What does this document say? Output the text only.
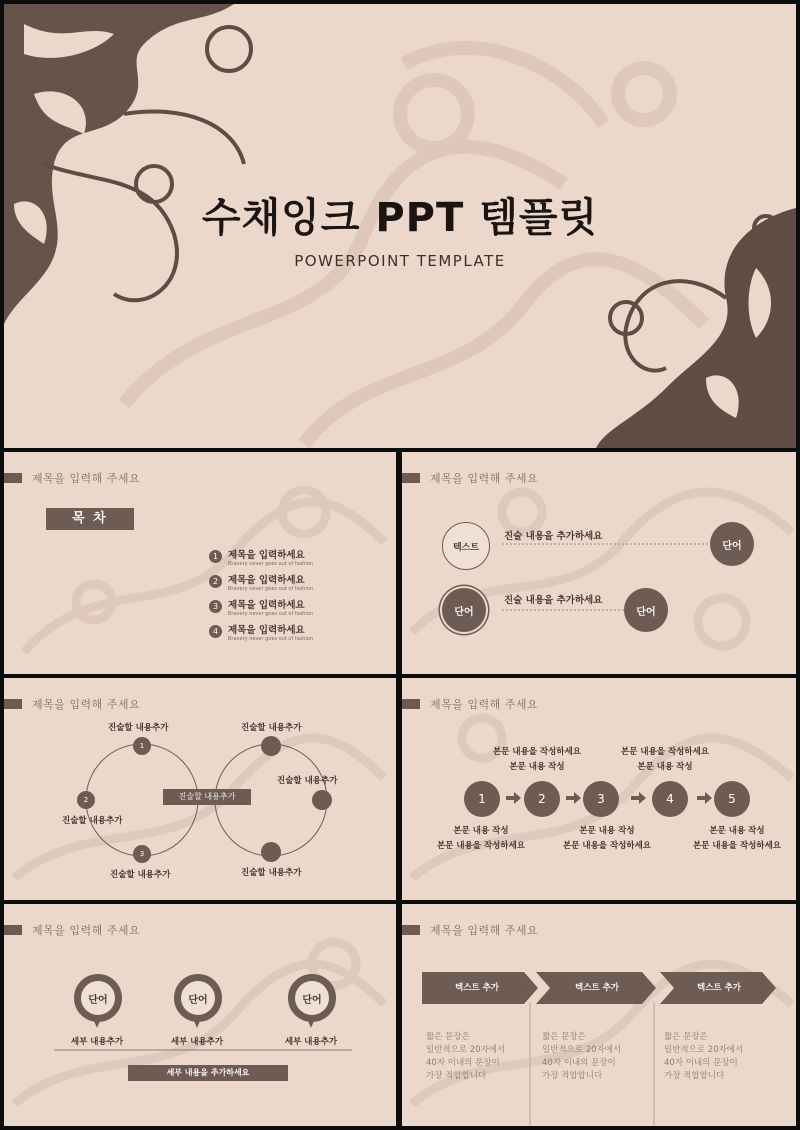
수채잉크 PPT 템플릿
POWERPOINT TEMPLATE
제목을 입력해 주세요
목 차
1	제목을 입력하세요
Bravery never goes out of fashion
2	제목을 입력하세요
Bravery never goes out of fashion
3	제목을 입력하세요
Bravery never goes out of fashion
4	제목을 입력하세요
Bravery never goes out of fashion
제목을 입력해 주세요
텍스트
진술 내용을 추가하세요
단어
단어
진술 내용을 추가하세요
단어
제목을 입력해 주세요
1
2
3
진술할 내용추가
진술할 내용추가
진술할 내용추가
진술할 내용추가
진술할 내용추가
진술할 내용추가
진술할 내용추가
제목을 입력해 주세요
1	2	3	4	5
본문 내용을 작성하세요
본문 내용 작성
본문 내용을 작성하세요
본문 내용 작성
본문 내용 작성
본문 내용을 작성하세요
본문 내용 작성
본문 내용을 작성하세요
본문 내용 작성
본문 내용을 작성하세요
제목을 입력해 주세요
단어	단어	단어
세부 내용추가	세부 내용추가	세부 내용추가
세부 내용을 추가하세요
제목을 입력해 주세요
텍스트 추가	텍스트 추가	텍스트 추가
짧은 문장은
일반적으로 20자에서
40자 이내의 문장이
가장 적합합니다
짧은 문장은
일반적으로 20자에서
40자 이내의 문장이
가장 적합합니다
짧은 문장은
일반적으로 20자에서
40자 이내의 문장이
가장 적합합니다
